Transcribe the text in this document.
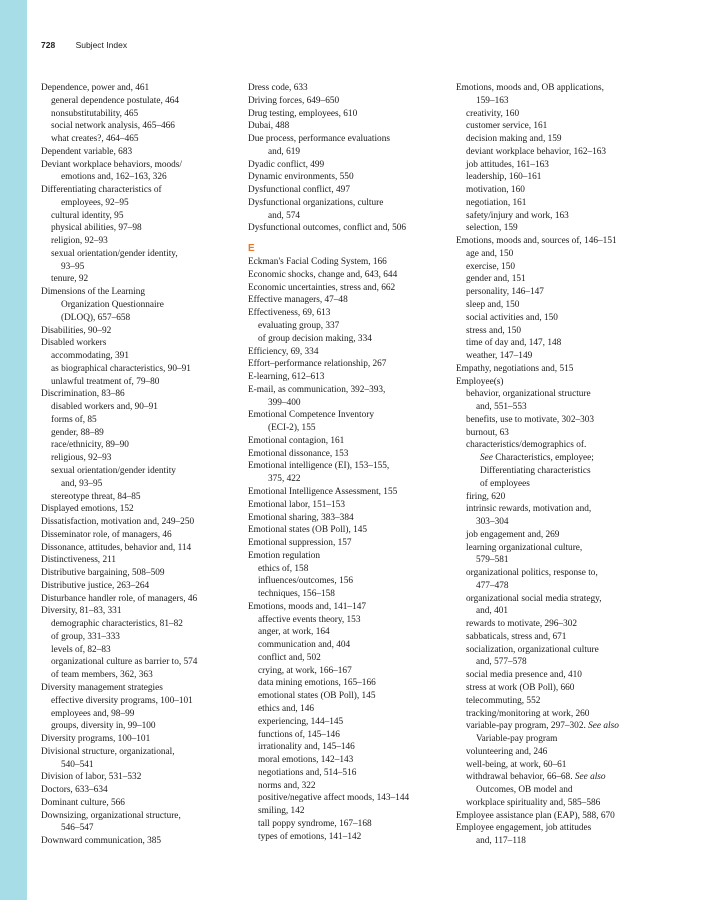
728 Subject Index
Dependence, power and, 461
general dependence postulate, 464
nonsubstitutability, 465
social network analysis, 465–466
what creates?, 464–465
Dependent variable, 683
Deviant workplace behaviors, moods/
emotions and, 162–163, 326
Differentiating characteristics of
employees, 92–95
cultural identity, 95
physical abilities, 97–98
religion, 92–93
sexual orientation/gender identity,
93–95
tenure, 92
Dimensions of the Learning
Organization Questionnaire
(DLOQ), 657–658
Disabilities, 90–92
Disabled workers
accommodating, 391
as biographical characteristics, 90–91
unlawful treatment of, 79–80
Discrimination, 83–86
disabled workers and, 90–91
forms of, 85
gender, 88–89
race/ethnicity, 89–90
religious, 92–93
sexual orientation/gender identity
and, 93–95
stereotype threat, 84–85
Displayed emotions, 152
Dissatisfaction, motivation and, 249–250
Disseminator role, of managers, 46
Dissonance, attitudes, behavior and, 114
Distinctiveness, 211
Distributive bargaining, 508–509
Distributive justice, 263–264
Disturbance handler role, of managers, 46
Diversity, 81–83, 331
demographic characteristics, 81–82
of group, 331–333
levels of, 82–83
organizational culture as barrier to, 574
of team members, 362, 363
Diversity management strategies
effective diversity programs, 100–101
employees and, 98–99
groups, diversity in, 99–100
Diversity programs, 100–101
Divisional structure, organizational,
540–541
Division of labor, 531–532
Doctors, 633–634
Dominant culture, 566
Downsizing, organizational structure,
546–547
Downward communication, 385
Dress code, 633
Driving forces, 649–650
Drug testing, employees, 610
Dubai, 488
Due process, performance evaluations
and, 619
Dyadic conflict, 499
Dynamic environments, 550
Dysfunctional conflict, 497
Dysfunctional organizations, culture
and, 574
Dysfunctional outcomes, conflict and, 506
E
Eckman's Facial Coding System, 166
Economic shocks, change and, 643, 644
Economic uncertainties, stress and, 662
Effective managers, 47–48
Effectiveness, 69, 613
evaluating group, 337
of group decision making, 334
Efficiency, 69, 334
Effort–performance relationship, 267
E-learning, 612–613
E-mail, as communication, 392–393,
399–400
Emotional Competence Inventory
(ECI-2), 155
Emotional contagion, 161
Emotional dissonance, 153
Emotional intelligence (EI), 153–155,
375, 422
Emotional Intelligence Assessment, 155
Emotional labor, 151–153
Emotional sharing, 383–384
Emotional states (OB Poll), 145
Emotional suppression, 157
Emotion regulation
ethics of, 158
influences/outcomes, 156
techniques, 156–158
Emotions, moods and, 141–147
affective events theory, 153
anger, at work, 164
communication and, 404
conflict and, 502
crying, at work, 166–167
data mining emotions, 165–166
emotional states (OB Poll), 145
ethics and, 146
experiencing, 144–145
functions of, 145–146
irrationality and, 145–146
moral emotions, 142–143
negotiations and, 514–516
norms and, 322
positive/negative affect moods, 143–144
smiling, 142
tall poppy syndrome, 167–168
types of emotions, 141–142
Emotions, moods and, OB applications,
159–163
creativity, 160
customer service, 161
decision making and, 159
deviant workplace behavior, 162–163
job attitudes, 161–163
leadership, 160–161
motivation, 160
negotiation, 161
safety/injury and work, 163
selection, 159
Emotions, moods and, sources of, 146–151
age and, 150
exercise, 150
gender and, 151
personality, 146–147
sleep and, 150
social activities and, 150
stress and, 150
time of day and, 147, 148
weather, 147–149
Empathy, negotiations and, 515
Employee(s)
behavior, organizational structure
and, 551–553
benefits, use to motivate, 302–303
burnout, 63
characteristics/demographics of.
See Characteristics, employee;
Differentiating characteristics
of employees
firing, 620
intrinsic rewards, motivation and,
303–304
job engagement and, 269
learning organizational culture,
579–581
organizational politics, response to,
477–478
organizational social media strategy,
and, 401
rewards to motivate, 296–302
sabbaticals, stress and, 671
socialization, organizational culture
and, 577–578
social media presence and, 410
stress at work (OB Poll), 660
telecommuting, 552
tracking/monitoring at work, 260
variable-pay program, 297–302. See also
Variable-pay program
volunteering and, 246
well-being, at work, 60–61
withdrawal behavior, 66–68. See also
Outcomes, OB model and
workplace spirituality and, 585–586
Employee assistance plan (EAP), 588, 670
Employee engagement, job attitudes
and, 117–118
